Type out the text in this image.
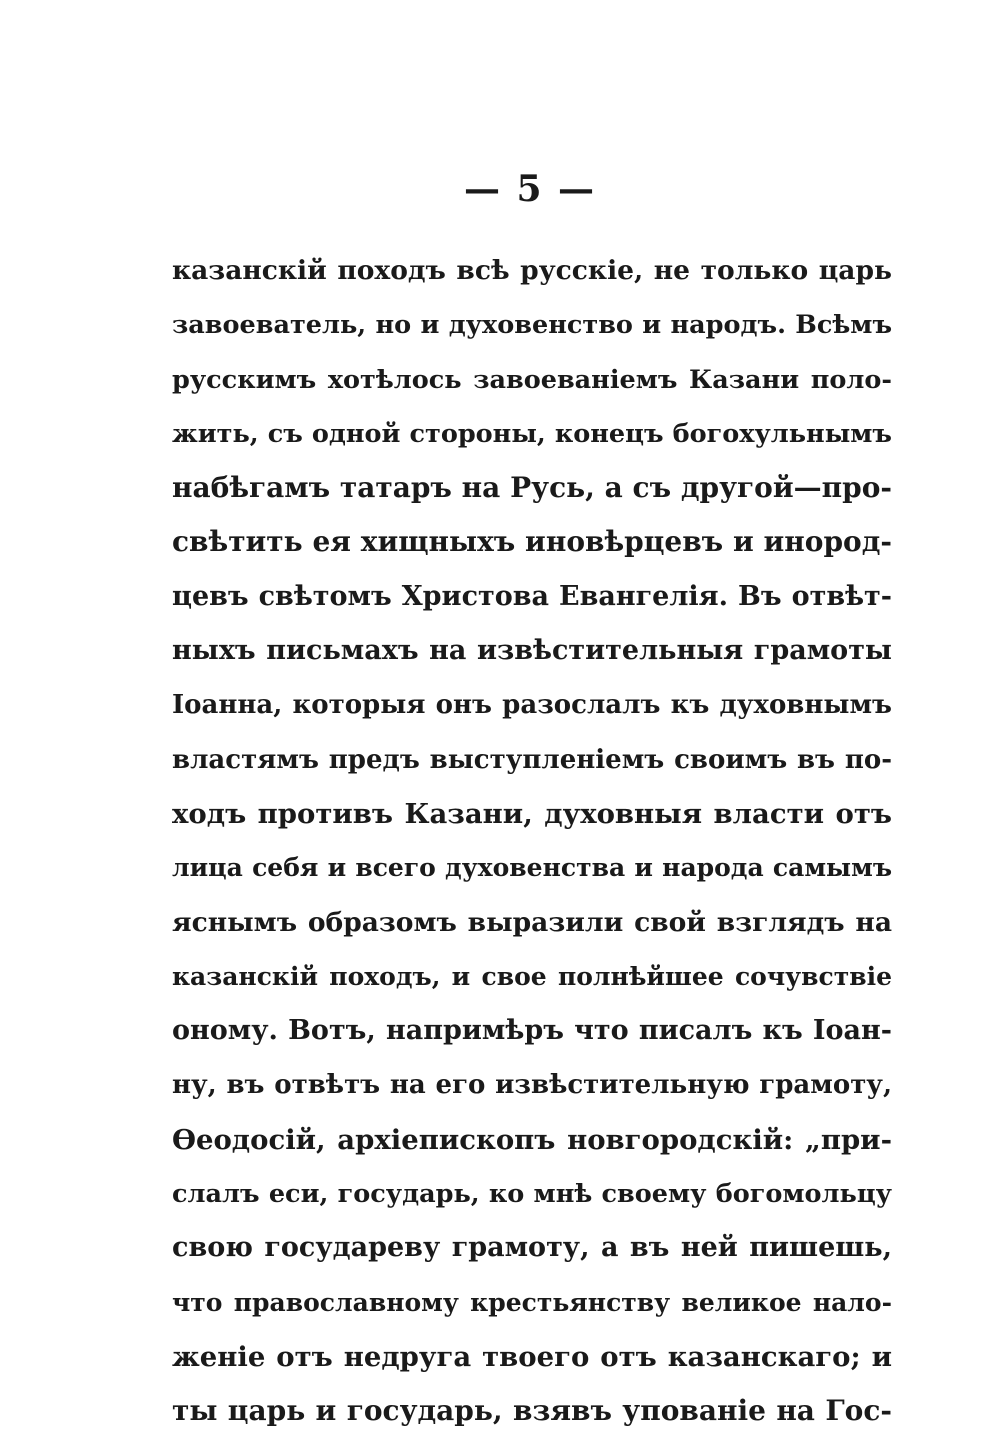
— 5 —
казанскій походъ всѣ русскіе, не только царь
завоеватель, но и духовенство и народъ. Всѣмъ
русскимъ хотѣлось завоеваніемъ Казани поло-
жить, съ одной стороны, конецъ богохульнымъ
набѣгамъ татаръ на Русь, а съ другой—про-
свѣтить ея хищныхъ иновѣрцевъ и инород-
цевъ свѣтомъ Христова Евангелія. Въ отвѣт-
ныхъ письмахъ на извѣстительныя грамоты
Іоанна, которыя онъ разослалъ къ духовнымъ
властямъ предъ выступленіемъ своимъ въ по-
ходъ противъ Казани, духовныя власти отъ
лица себя и всего духовенства и народа самымъ
яснымъ образомъ выразили свой взглядъ на
казанскій походъ, и свое полнѣйшее сочувствіе
оному. Вотъ, напримѣръ что писалъ къ Іоан-
ну, въ отвѣтъ на его извѣстительную грамоту,
Ѳеодосій, архіепископъ новгородскій: „при-
слалъ еси, государь, ко мнѣ своему богомольцу
свою государеву грамоту, а въ ней пишешь,
что православному крестьянству великое нало-
женіе отъ недруга твоего отъ казанскаго; и
ты царь и государь, взявъ упованіе на Гос-
